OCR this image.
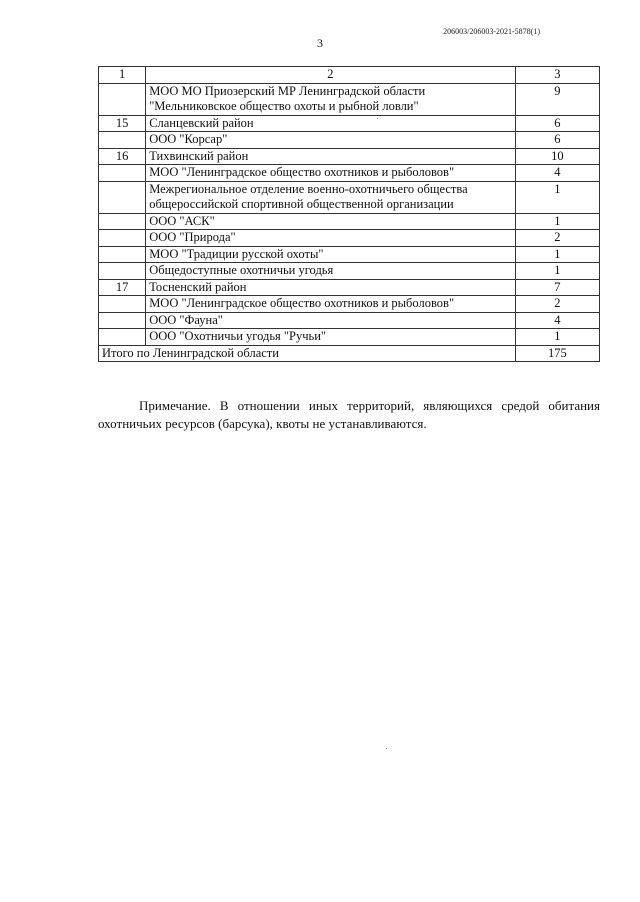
206003/206003-2021-5878(1)
3
1	2	3

	МОО МО Приозерский МР Ленинградской области
"Мельниковское общество охоты и рыбной ловли"	9
15	Сланцевский район	6

	ООО "Корсар"	6
16	Тихвинский район	10

	МОО "Ленинградское общество охотников и рыболовов"	4

	Межрегиональное отделение военно-охотничьего общества
общероссийской спортивной общественной организации	1

	ООО "АСК"	1

	ООО "Природа"	2

	МОО "Традиции русской охоты"	1

	Общедоступные охотничьи угодья	1
17	Тосненский район	7

	МОО "Ленинградское общество охотников и рыболовов"	2

	ООО "Фауна"	4

	ООО "Охотничьи угодья "Ручьи"	1
Итого по Ленинградской области		175
Примечание. В отношении иных территорий, являющихся средой обитания охотничьих ресурсов (барсука), квоты не устанавливаются.
